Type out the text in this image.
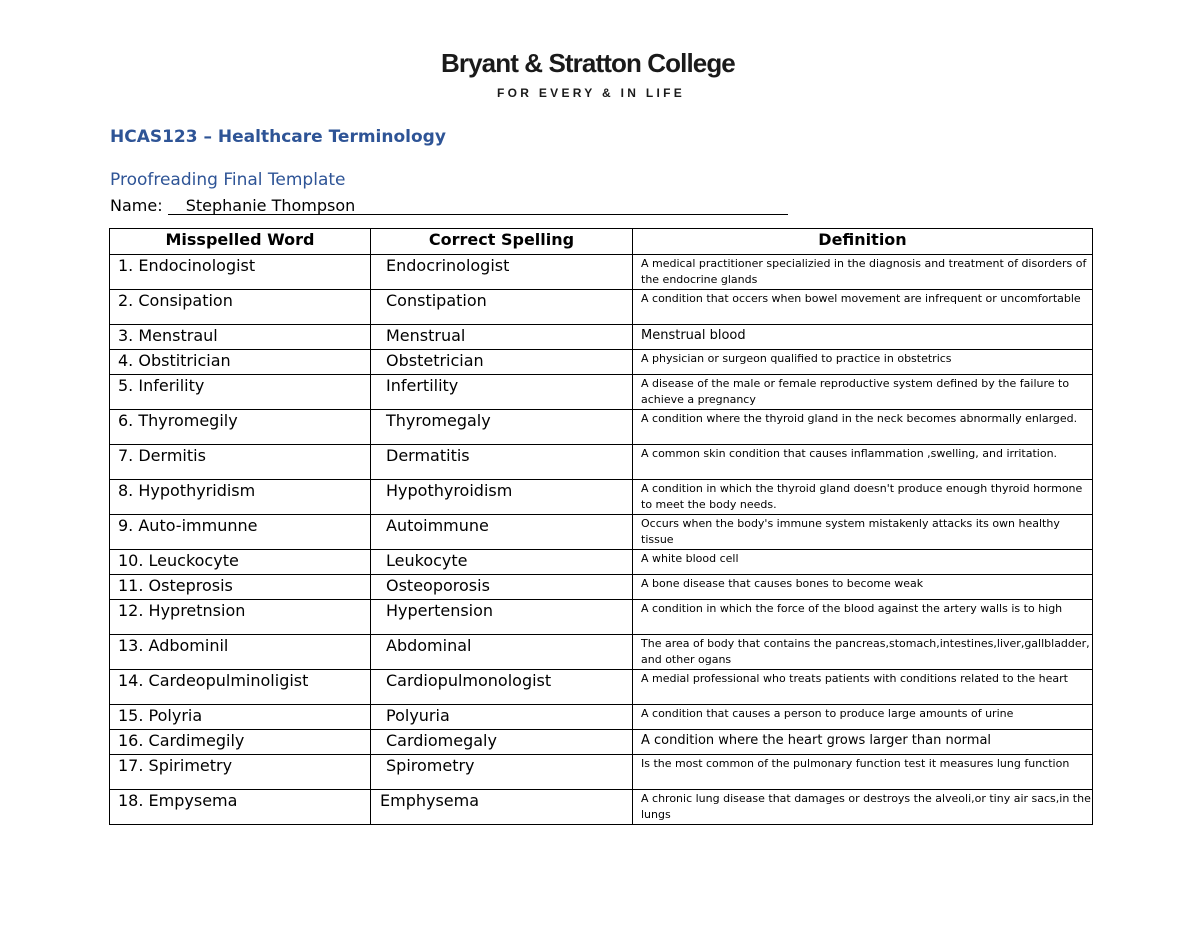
Bryant & Stratton College
FOR EVERY & IN LIFE
HCAS123 – Healthcare Terminology
Proofreading Final Template
Name: Stephanie Thompson
Misspelled Word	Correct Spelling	Definition
1. Endocinologist	Endocrinologist	A medical practitioner specializied in the diagnosis and treatment of disorders of the endocrine glands
2. Consipation	Constipation	A condition that occers when bowel movement are infrequent or uncomfortable
3. Menstraul	Menstrual	Menstrual blood
4. Obstitrician	Obstetrician	A physician or surgeon qualified to practice in obstetrics
5. Inferility	Infertility	A disease of the male or female reproductive system defined by the failure to achieve a pregnancy
6. Thyromegily	Thyromegaly	A condition where the thyroid gland in the neck becomes abnormally enlarged.
7. Dermitis	Dermatitis	A common skin condition that causes inflammation ,swelling, and irritation.
8. Hypothyridism	Hypothyroidism	A condition in which the thyroid gland doesn't produce enough thyroid hormone to meet the body needs.
9. Auto-immunne	Autoimmune	Occurs when the body's immune system mistakenly attacks its own healthy tissue
10. Leuckocyte	Leukocyte	A white blood cell
11. Osteprosis	Osteoporosis	A bone disease that causes bones to become weak
12. Hypretnsion	Hypertension	A condition in which the force of the blood against the artery walls is to high
13. Adbominil	Abdominal	The area of body that contains the pancreas,stomach,intestines,liver,gallbladder, and other ogans
14. Cardeopulminoligist	Cardiopulmonologist	A medial professional who treats patients with conditions related to the heart
15. Polyria	Polyuria	A condition that causes a person to produce large amounts of urine
16. Cardimegily	Cardiomegaly	A condition where the heart grows larger than normal
17. Spirimetry	Spirometry	Is the most common of the pulmonary function test it measures lung function
18. Empysema	Emphysema	A chronic lung disease that damages or destroys the alveoli,or tiny air sacs,in the lungs
